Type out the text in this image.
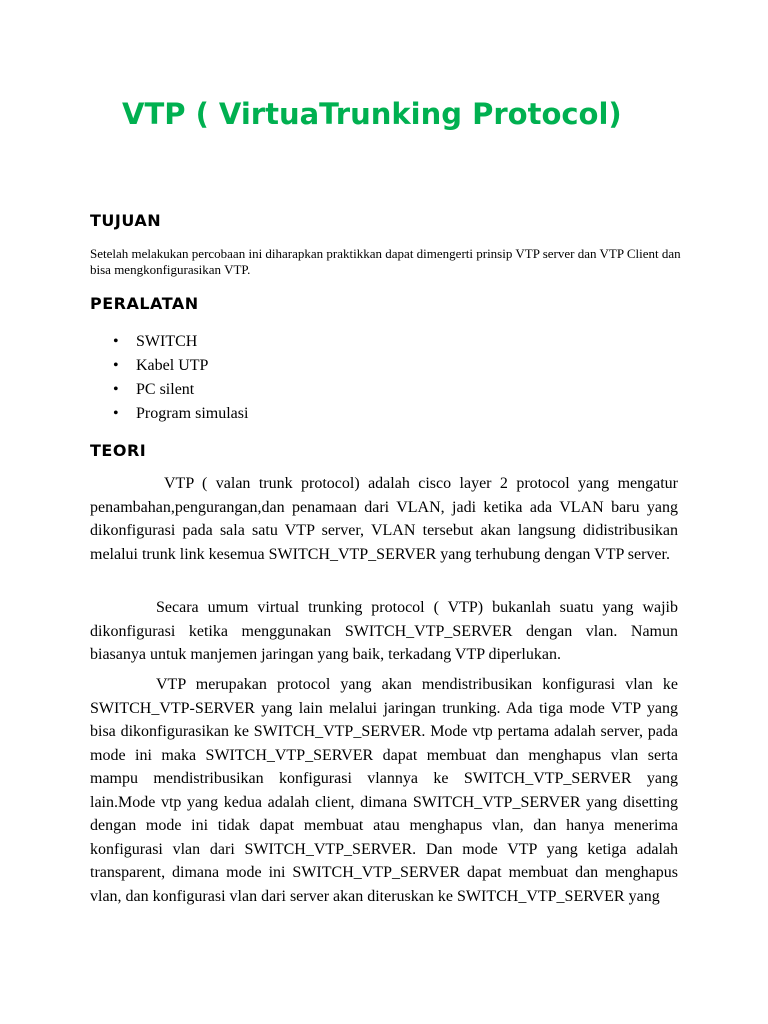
VTP ( VirtuaTrunking Protocol)
TUJUAN

Setelah melakukan percobaan ini diharapkan praktikkan dapat dimengerti prinsip VTP server dan VTP Client dan bisa mengkonfigurasikan VTP.

PERALATAN
• SWITCH
• Kabel UTP
• PC silent
• Program simulasi
TEORI

VTP ( valan trunk protocol) adalah cisco layer 2 protocol yang mengatur penambahan,pengurangan,dan penamaan dari VLAN, jadi ketika ada VLAN baru yang dikonfigurasi pada sala satu VTP server, VLAN tersebut akan langsung didistribusikan melalui trunk link kesemua SWITCH_VTP_SERVER yang terhubung dengan VTP server.

Secara umum virtual trunking protocol ( VTP) bukanlah suatu yang wajib dikonfigurasi ketika menggunakan SWITCH_VTP_SERVER dengan vlan. Namun biasanya untuk manjemen jaringan yang baik, terkadang VTP diperlukan.

VTP merupakan protocol yang akan mendistribusikan konfigurasi vlan ke SWITCH_VTP-SERVER yang lain melalui jaringan trunking. Ada tiga mode VTP yang bisa dikonfigurasikan ke SWITCH_VTP_SERVER. Mode vtp pertama adalah server, pada mode ini maka SWITCH_VTP_SERVER dapat membuat dan menghapus vlan serta mampu mendistribusikan konfigurasi vlannya ke SWITCH_VTP_SERVER yang lain.Mode vtp yang kedua adalah client, dimana SWITCH_VTP_SERVER yang disetting dengan mode ini tidak dapat membuat atau menghapus vlan, dan hanya menerima konfigurasi vlan dari SWITCH_VTP_SERVER. Dan mode VTP yang ketiga adalah transparent, dimana mode ini SWITCH_VTP_SERVER dapat membuat dan menghapus vlan, dan konfigurasi vlan dari server akan diteruskan ke SWITCH_VTP_SERVER yang
